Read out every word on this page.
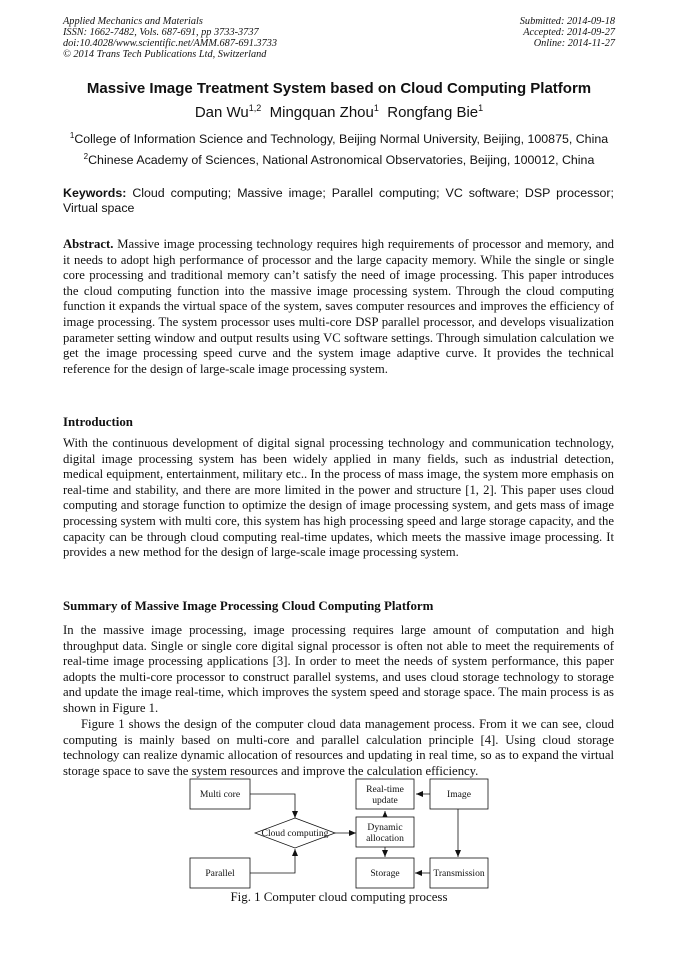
Applied Mechanics and Materials
ISSN: 1662-7482, Vols. 687-691, pp 3733-3737
doi:10.4028/www.scientific.net/AMM.687-691.3733
© 2014 Trans Tech Publications Ltd, Switzerland
Submitted: 2014-09-18
Accepted: 2014-09-27
Online: 2014-11-27
Massive Image Treatment System based on Cloud Computing Platform
Dan Wu$^{1,2}$ Mingquan Zhou$^1$ Rongfang Bie$^1$
$^1$College of Information Science and Technology, Beijing Normal University, Beijing, 100875, China
$^2$Chinese Academy of Sciences, National Astronomical Observatories, Beijing, 100012, China
Keywords: Cloud computing; Massive image; Parallel computing; VC software; DSP processor; Virtual space

Abstract. Massive image processing technology requires high requirements of processor and memory, and it needs to adopt high performance of processor and the large capacity memory. While the single or single core processing and traditional memory can’t satisfy the need of image processing. This paper introduces the cloud computing function into the massive image processing system. Through the cloud computing function it expands the virtual space of the system, saves computer resources and improves the efficiency of image processing. The system processor uses multi-core DSP parallel processor, and develops visualization parameter setting window and output results using VC software settings. Through simulation calculation we get the image processing speed curve and the system image adaptive curve. It provides the technical reference for the design of large-scale image processing system.

Introduction

With the continuous development of digital signal processing technology and communication technology, digital image processing system has been widely applied in many fields, such as industrial detection, medical equipment, entertainment, military etc.. In the process of mass image, the system more emphasis on real-time and stability, and there are more limited in the power and structure [1, 2]. This paper uses cloud computing and storage function to optimize the design of image processing system, and gets mass of image processing system with multi core, this system has high processing speed and large storage capacity, and the capacity can be through cloud computing real-time updates, which meets the massive image processing. It provides a new method for the design of large-scale image processing system.

Summary of Massive Image Processing Cloud Computing Platform

In the massive image processing, image processing requires large amount of computation and high throughput data. Single or single core digital signal processor is often not able to meet the requirements of real-time image processing applications [3]. In order to meet the needs of system performance, this paper adopts the multi-core processor to construct parallel systems, and uses cloud storage technology to storage and update the image real-time, which improves the system speed and storage space. The main process is as shown in Figure 1.

Figure 1 shows the design of the computer cloud data management process. From it we can see, cloud computing is mainly based on multi-core and parallel calculation principle [4]. Using cloud storage technology can realize dynamic allocation of resources and updating in real time, so as to expand the virtual storage space to save the system resources and improve the calculation efficiency.

Multi core
Parallel
Cloud computing
Real-time
update
Image
Dynamic
allocation
Storage	Transmission
Fig. 1 Computer cloud computing process
